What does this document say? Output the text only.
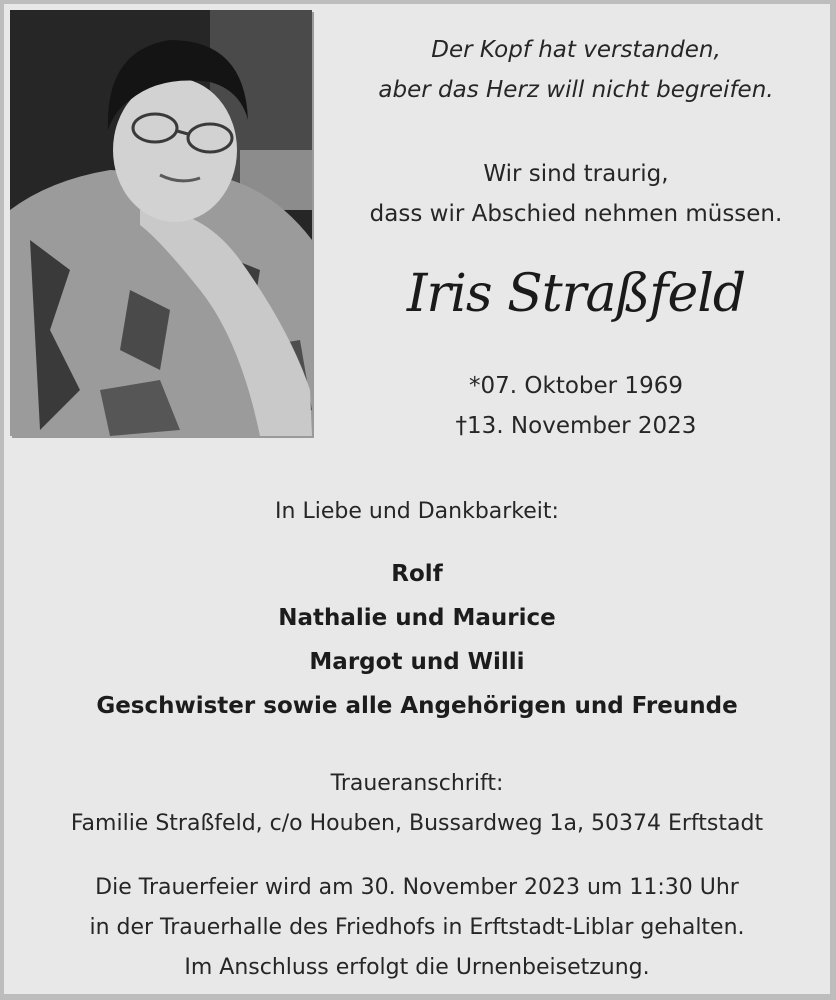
Der Kopf hat verstanden,
aber das Herz will nicht begreifen.
Wir sind traurig,
dass wir Abschied nehmen müssen.
Iris Straßfeld
*07. Oktober 1969
†13. November 2023
In Liebe und Dankbarkeit:
Rolf
Nathalie und Maurice
Margot und Willi
Geschwister sowie alle Angehörigen und Freunde
Traueranschrift:
Familie Straßfeld, c/o Houben, Bussardweg 1a, 50374 Erftstadt
Die Trauerfeier wird am 30. November 2023 um 11:30 Uhr
in der Trauerhalle des Friedhofs in Erftstadt-Liblar gehalten.
Im Anschluss erfolgt die Urnenbeisetzung.
